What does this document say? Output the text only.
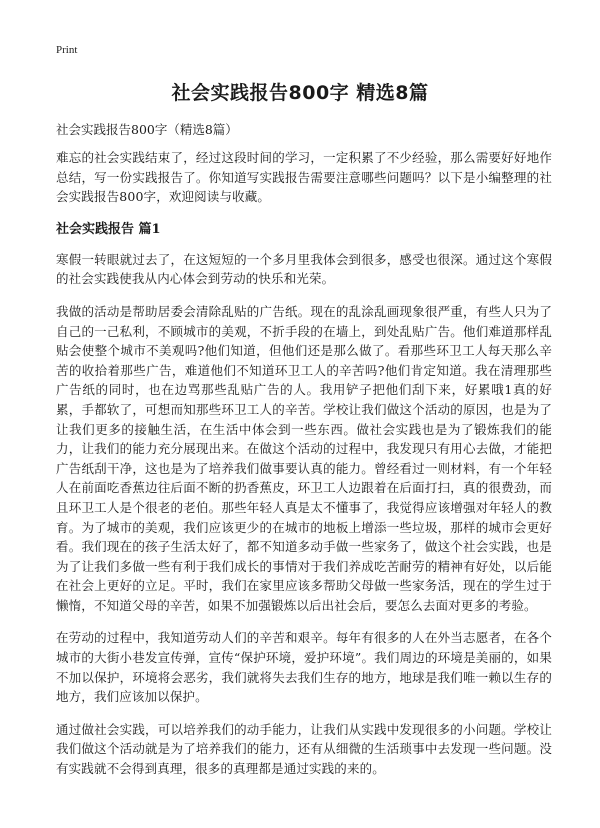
Print
社会实践报告800字 精选8篇

社会实践报告800字（精选8篇）

难忘的社会实践结束了，经过这段时间的学习，一定积累了不少经验，那么需要好好地作总结，写一份实践报告了。你知道写实践报告需要注意哪些问题吗？以下是小编整理的社会实践报告800字，欢迎阅读与收藏。

社会实践报告 篇1

寒假一转眼就过去了，在这短短的一个多月里我体会到很多，感受也很深。通过这个寒假的社会实践使我从内心体会到劳动的快乐和光荣。

我做的活动是帮助居委会清除乱贴的广告纸。现在的乱涂乱画现象很严重，有些人只为了自己的一己私利，不顾城市的美观，不折手段的在墙上，到处乱贴广告。他们难道那样乱贴会使整个城市不美观吗?他们知道，但他们还是那么做了。看那些环卫工人每天那么辛苦的收拾着那些广告，难道他们不知道环卫工人的辛苦吗?他们肯定知道。我在清理那些广告纸的同时，也在边骂那些乱贴广告的人。我用铲子把他们刮下来，好累哦1真的好累，手都软了，可想而知那些环卫工人的辛苦。学校让我们做这个活动的原因，也是为了让我们更多的接触生活，在生活中体会到一些东西。做社会实践也是为了锻炼我们的能力，让我们的能力充分展现出来。在做这个活动的过程中，我发现只有用心去做，才能把广告纸刮干净，这也是为了培养我们做事要认真的能力。曾经看过一则材料，有一个年轻人在前面吃香蕉边往后面不断的扔香蕉皮，环卫工人边跟着在后面打扫，真的很费劲，而且环卫工人是个很老的老伯。那些年轻人真是太不懂事了，我觉得应该增强对年轻人的教育。为了城市的美观，我们应该更少的在城市的地板上增添一些垃圾，那样的城市会更好看。我们现在的孩子生活太好了，都不知道多动手做一些家务了，做这个社会实践，也是为了让我们多做一些有利于我们成长的事情对于我们养成吃苦耐劳的精神有好处，以后能在社会上更好的立足。平时，我们在家里应该多帮助父母做一些家务活，现在的学生过于懒惰，不知道父母的辛苦，如果不加强锻炼以后出社会后，要怎么去面对更多的考验。

在劳动的过程中，我知道劳动人们的辛苦和艰辛。每年有很多的人在外当志愿者，在各个城市的大街小巷发宣传弹，宣传“保护环境，爱护环境”。我们周边的环境是美丽的，如果不加以保护，环境将会恶劣，我们就将失去我们生存的地方，地球是我们唯一赖以生存的地方，我们应该加以保护。

通过做社会实践，可以培养我们的动手能力，让我们从实践中发现很多的小问题。学校让我们做这个活动就是为了培养我们的能力，还有从细微的生活琐事中去发现一些问题。没有实践就不会得到真理，很多的真理都是通过实践的来的。
